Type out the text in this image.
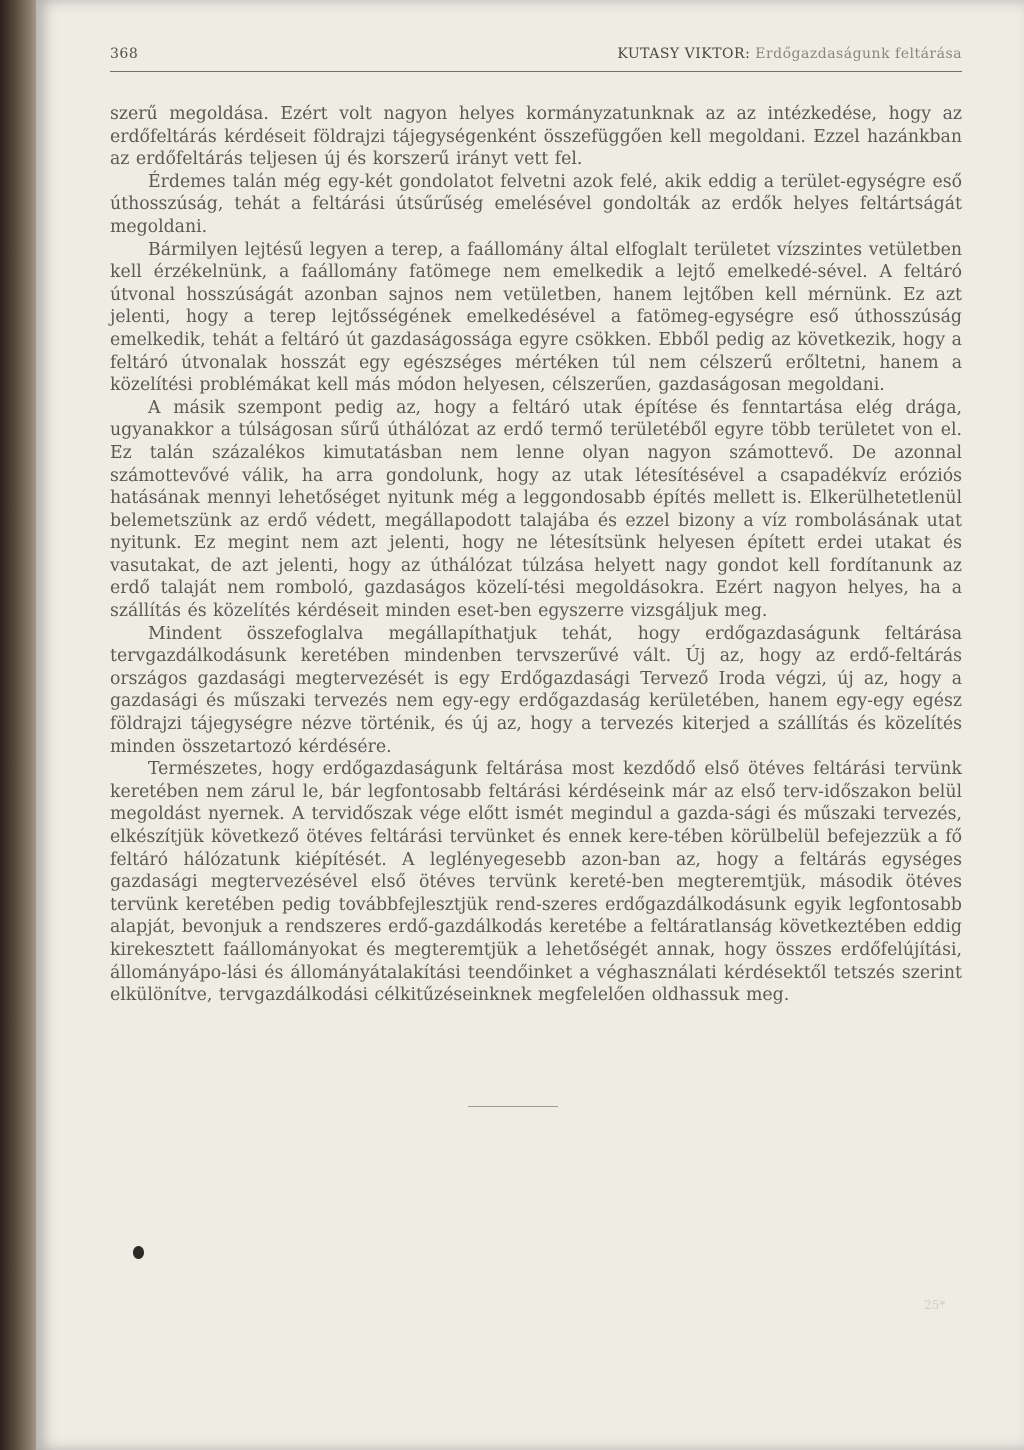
368	KUTASY VIKTOR: Erdőgazdaságunk feltárása

szerű megoldása. Ezért volt nagyon helyes kormányzatunknak az az intézkedése, hogy az erdőfeltárás kérdéseit földrajzi tájegységenként összefüggően kell megoldani. Ezzel hazánkban az erdőfeltárás teljesen új és korszerű irányt vett fel.

Érdemes talán még egy-két gondolatot felvetni azok felé, akik eddig a terület-egységre eső úthosszúság, tehát a feltárási útsűrűség emelésével gondolták az erdők helyes feltártságát megoldani.

Bármilyen lejtésű legyen a terep, a faállomány által elfoglalt területet vízszintes vetületben kell érzékelnünk, a faállomány fatömege nem emelkedik a lejtő emelkedé-sével. A feltáró útvonal hosszúságát azonban sajnos nem vetületben, hanem lejtőben kell mérnünk. Ez azt jelenti, hogy a terep lejtősségének emelkedésével a fatömeg-egységre eső úthosszúság emelkedik, tehát a feltáró út gazdaságossága egyre csökken. Ebből pedig az következik, hogy a feltáró útvonalak hosszát egy egészséges mértéken túl nem célszerű erőltetni, hanem a közelítési problémákat kell más módon helyesen, célszerűen, gazdaságosan megoldani.

A másik szempont pedig az, hogy a feltáró utak építése és fenntartása elég drága, ugyanakkor a túlságosan sűrű úthálózat az erdő termő területéből egyre több területet von el. Ez talán százalékos kimutatásban nem lenne olyan nagyon számottevő. De azonnal számottevővé válik, ha arra gondolunk, hogy az utak létesítésével a csapadékvíz eróziós hatásának mennyi lehetőséget nyitunk még a leggondosabb építés mellett is. Elkerülhetetlenül belemetszünk az erdő védett, megállapodott talajába és ezzel bizony a víz rombolásának utat nyitunk. Ez megint nem azt jelenti, hogy ne létesítsünk helyesen épített erdei utakat és vasutakat, de azt jelenti, hogy az úthálózat túlzása helyett nagy gondot kell fordítanunk az erdő talaját nem romboló, gazdaságos közelí-tési megoldásokra. Ezért nagyon helyes, ha a szállítás és közelítés kérdéseit minden eset-ben egyszerre vizsgáljuk meg.

Mindent összefoglalva megállapíthatjuk tehát, hogy erdőgazdaságunk feltárása tervgazdálkodásunk keretében mindenben tervszerűvé vált. Új az, hogy az erdő-feltárás országos gazdasági megtervezését is egy Erdőgazdasági Tervező Iroda végzi, új az, hogy a gazdasági és műszaki tervezés nem egy-egy erdőgazdaság kerületében, hanem egy-egy egész földrajzi tájegységre nézve történik, és új az, hogy a tervezés kiterjed a szállítás és közelítés minden összetartozó kérdésére.

Természetes, hogy erdőgazdaságunk feltárása most kezdődő első ötéves feltárási tervünk keretében nem zárul le, bár legfontosabb feltárási kérdéseink már az első terv-időszakon belül megoldást nyernek. A tervidőszak vége előtt ismét megindul a gazda-sági és műszaki tervezés, elkészítjük következő ötéves feltárási tervünket és ennek kere-tében körülbelül befejezzük a fő feltáró hálózatunk kiépítését. A leglényegesebb azon-ban az, hogy a feltárás egységes gazdasági megtervezésével első ötéves tervünk kereté-ben megteremtjük, második ötéves tervünk keretében pedig továbbfejlesztjük rend-szeres erdőgazdálkodásunk egyik legfontosabb alapját, bevonjuk a rendszeres erdő-gazdálkodás keretébe a feltáratlanság következtében eddig kirekesztett faállományokat és megteremtjük a lehetőségét annak, hogy összes erdőfelújítási, állományápo-lási és állományátalakítási teendőinket a véghasználati kérdésektől tetszés szerint elkülönítve, tervgazdálkodási célkitűzéseinknek megfelelően oldhassuk meg.

25*
